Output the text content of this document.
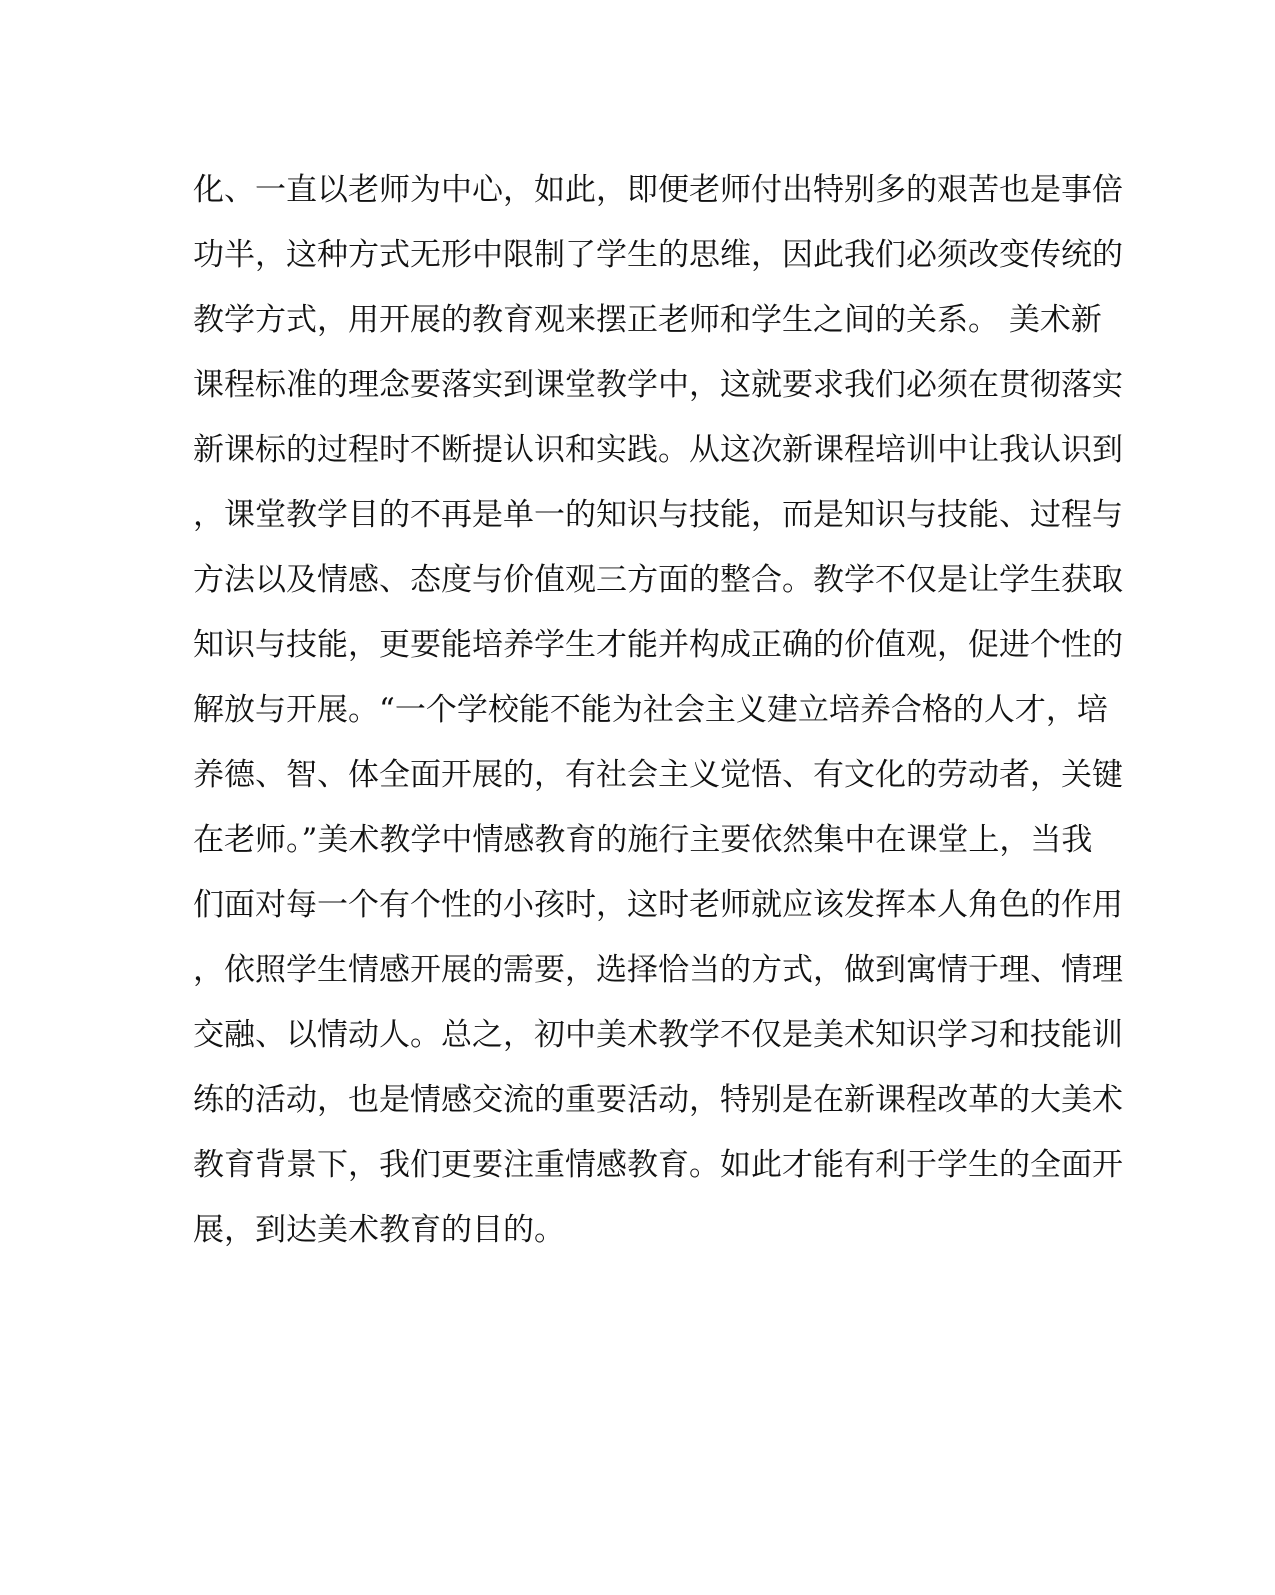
化、一直以老师为中心，如此，即便老师付出特别多的艰苦也是事倍
功半，这种方式无形中限制了学生的思维，因此我们必须改变传统的
教学方式，用开展的教育观来摆正老师和学生之间的关系。 美术新
课程标准的理念要落实到课堂教学中，这就要求我们必须在贯彻落实
新课标的过程时不断提认识和实践。从这次新课程培训中让我认识到
，课堂教学目的不再是单一的知识与技能，而是知识与技能、过程与
方法以及情感、态度与价值观三方面的整合。教学不仅是让学生获取
知识与技能，更要能培养学生才能并构成正确的价值观，促进个性的
解放与开展。“一个学校能不能为社会主义建立培养合格的人才，培
养德、智、体全面开展的，有社会主义觉悟、有文化的劳动者，关键
在老师。”美术教学中情感教育的施行主要依然集中在课堂上，当我
们面对每一个有个性的小孩时，这时老师就应该发挥本人角色的作用
，依照学生情感开展的需要，选择恰当的方式，做到寓情于理、情理
交融、以情动人。总之，初中美术教学不仅是美术知识学习和技能训
练的活动，也是情感交流的重要活动，特别是在新课程改革的大美术
教育背景下，我们更要注重情感教育。如此才能有利于学生的全面开
展，到达美术教育的目的。
